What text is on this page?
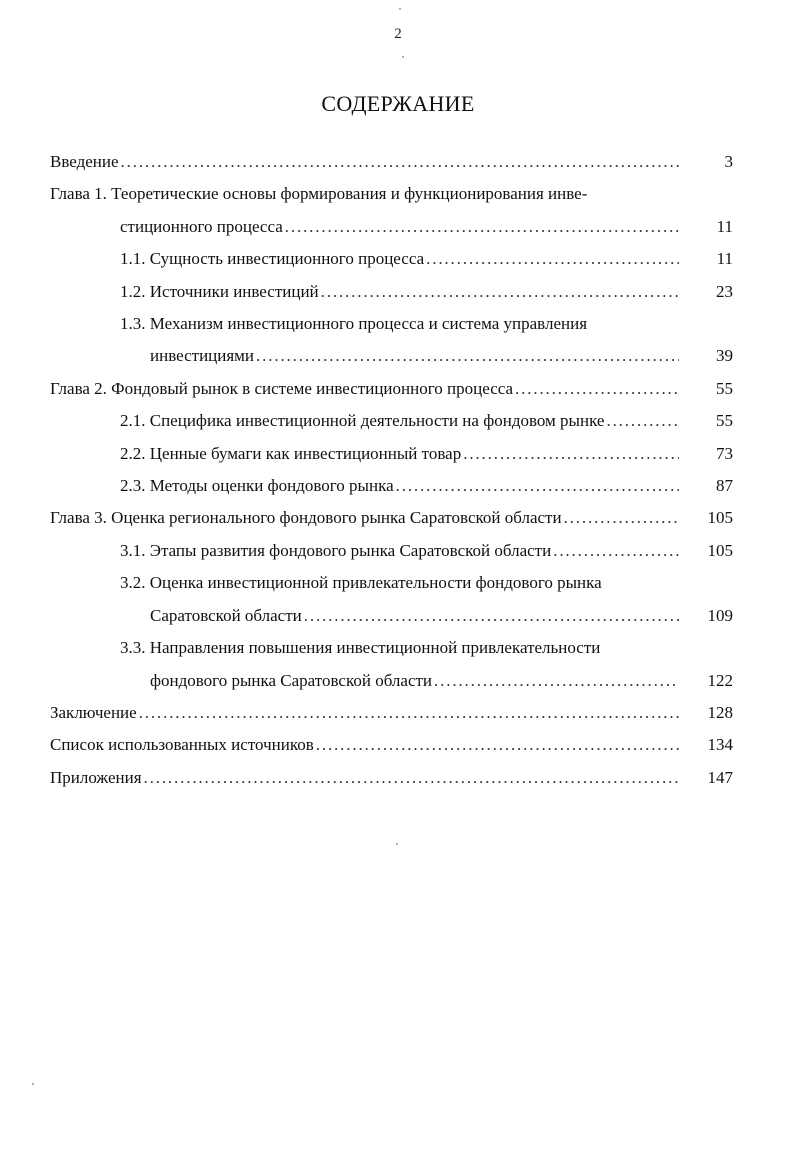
2
СОДЕРЖАНИЕ
Введение . . .	3
Глава 1. Теоретические основы формирования и функционирования инве-
стиционного процесса . . .	11
1.1. Сущность инвестиционного процесса . . .	11
1.2. Источники инвестиций . . .	23
1.3. Механизм инвестиционного процесса и система управления
инвестициями . . .	39
Глава 2. Фондовый рынок в системе инвестиционного процесса . . .	55
2.1. Специфика инвестиционной деятельности на фондовом рынке . . .	55
2.2. Ценные бумаги как инвестиционный товар . . .	73
2.3. Методы оценки фондового рынка . . .	87
Глава 3. Оценка регионального фондового рынка Саратовской области . . .	105
3.1. Этапы развития фондового рынка Саратовской области . . .	105
3.2. Оценка инвестиционной привлекательности фондового рынка
Саратовской области . . .	109
3.3. Направления повышения инвестиционной привлекательности
фондового рынка Саратовской области . . .	122
Заключение . . .	128
Список использованных источников . . .	134
Приложения . . .	147
